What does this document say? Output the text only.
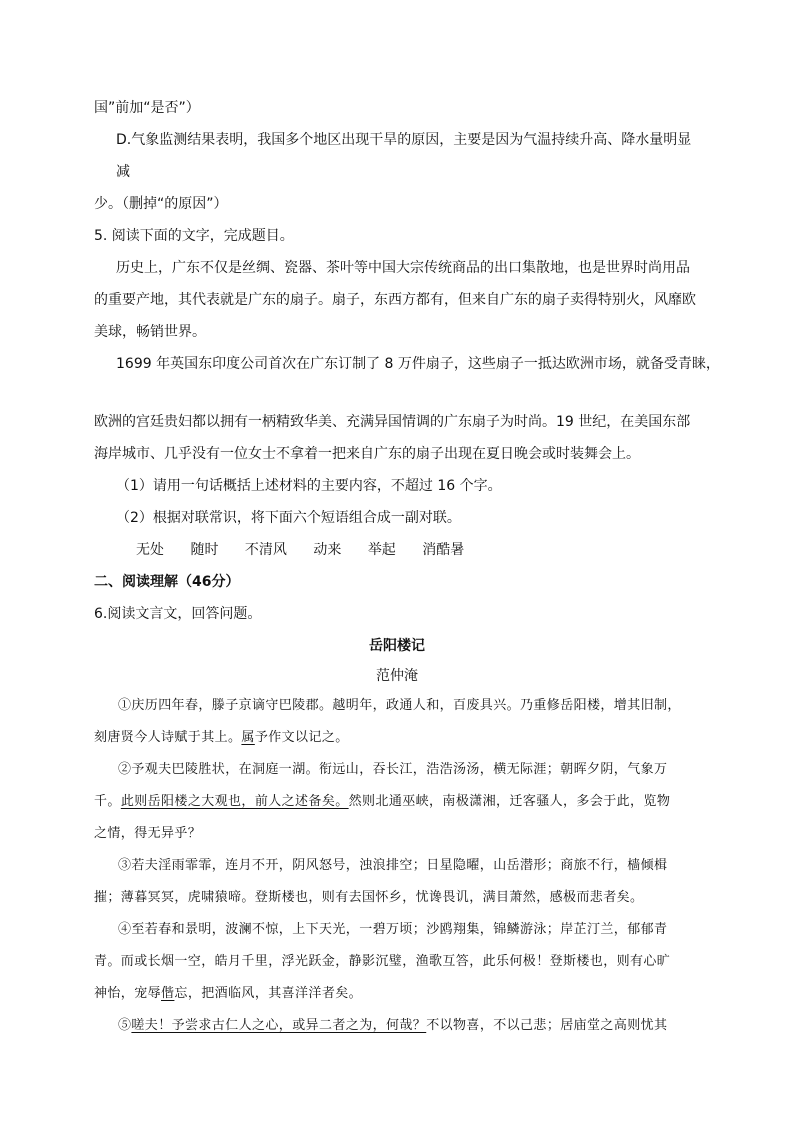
国”前加“是否”）
D.气象监测结果表明，我国多个地区出现干旱的原因，主要是因为气温持续升高、降水量明显
减
少。（删掉“的原因”）
5. 阅读下面的文字，完成题目。
历史上，广东不仅是丝绸、瓷器、茶叶等中国大宗传统商品的出口集散地，也是世界时尚用品
的重要产地，其代表就是广东的扇子。扇子，东西方都有，但来自广东的扇子卖得特别火，风靡欧
美球，畅销世界。
1699 年英国东印度公司首次在广东订制了 8 万件扇子，这些扇子一抵达欧洲市场，就备受青睐，
欧洲的宫廷贵妇都以拥有一柄精致华美、充满异国情调的广东扇子为时尚。19 世纪，在美国东部
海岸城市、几乎没有一位女士不拿着一把来自广东的扇子出现在夏日晚会或时装舞会上。
（1）请用一句话概括上述材料的主要内容，不超过 16 个字。
（2）根据对联常识，将下面六个短语组合成一副对联。
无处 随时 不清风 动来 举起 消酷暑
二、阅读理解（46分）
6.阅读文言文，回答问题。
岳阳楼记
范仲淹
①庆历四年春，滕子京谪守巴陵郡。越明年，政通人和，百废具兴。乃重修岳阳楼，增其旧制，
刻唐贤今人诗赋于其上。属予作文以记之。
②予观夫巴陵胜状，在洞庭一湖。衔远山，吞长江，浩浩汤汤，横无际涯；朝晖夕阴，气象万
千。此则岳阳楼之大观也，前人之述备矣。然则北通巫峡，南极潇湘，迁客骚人，多会于此，览物
之情，得无异乎？
③若夫淫雨霏霏，连月不开，阴风怒号，浊浪排空；日星隐曜，山岳潜形；商旅不行，樯倾楫
摧；薄暮冥冥，虎啸猿啼。登斯楼也，则有去国怀乡，忧谗畏讥，满目萧然，感极而悲者矣。
④至若春和景明，波澜不惊，上下天光，一碧万顷；沙鸥翔集，锦鳞游泳；岸芷汀兰，郁郁青
青。而或长烟一空，皓月千里，浮光跃金，静影沉璧，渔歌互答，此乐何极！登斯楼也，则有心旷
神怡，宠辱偕忘，把酒临风，其喜洋洋者矣。
⑤嗟夫！予尝求古仁人之心，或异二者之为，何哉？不以物喜，不以己悲；居庙堂之高则忧其
